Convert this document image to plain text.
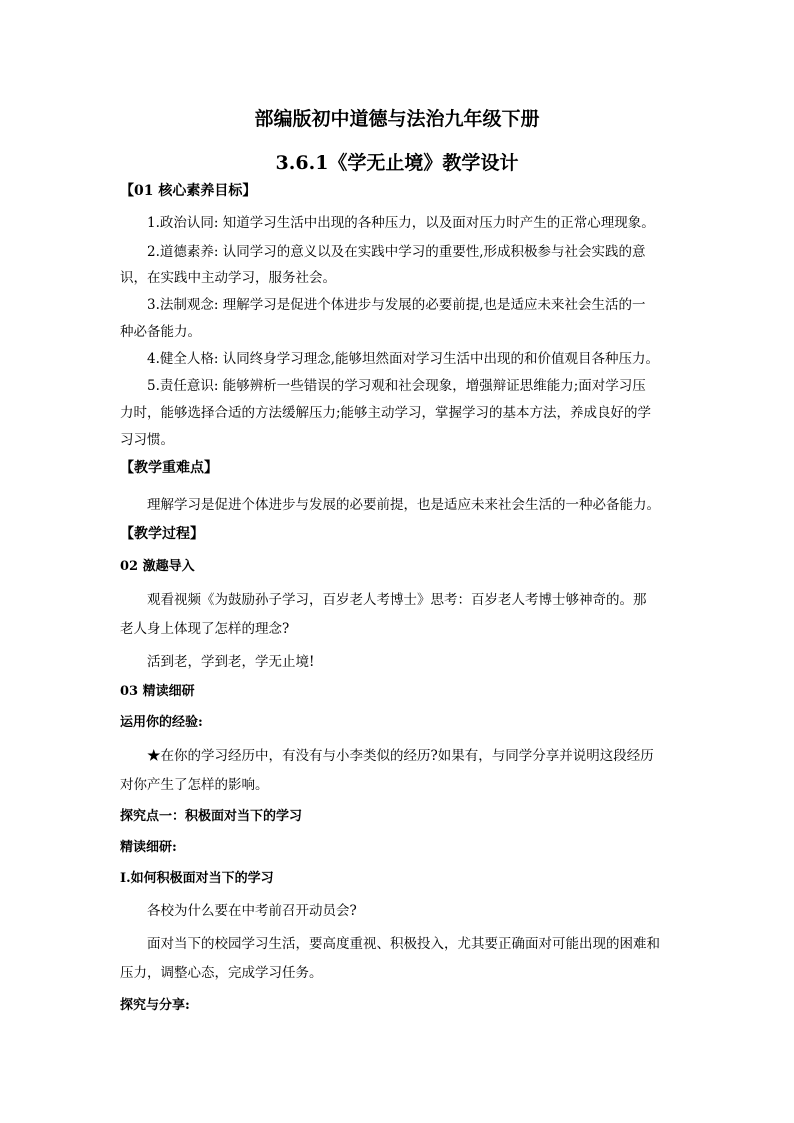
部编版初中道德与法治九年级下册
3.6.1《学无止境》教学设计
【01 核心素养目标】
1.政治认同: 知道学习生活中出现的各种压力，以及面对压力时产生的正常心理现象。
2.道德素养: 认同学习的意义以及在实践中学习的重要性,形成积极参与社会实践的意
识，在实践中主动学习，服务社会。
3.法制观念: 理解学习是促进个体进步与发展的必要前提,也是适应未来社会生活的一
种必备能力。
4.健全人格: 认同终身学习理念,能够坦然面对学习生活中出现的和价值观目各种压力。
5.责任意识: 能够辨析一些错误的学习观和社会现象，增强辩证思维能力;面对学习压
力时，能够选择合适的方法缓解压力;能够主动学习，掌握学习的基本方法，养成良好的学
习习惯。
【教学重难点】
理解学习是促进个体进步与发展的必要前提，也是适应未来社会生活的一种必备能力。
【教学过程】
02 激趣导入
观看视频《为鼓励孙子学习，百岁老人考博士》思考：百岁老人考博士够神奇的。那
老人身上体现了怎样的理念?
活到老，学到老，学无止境!
03 精读细研
运用你的经验:
★在你的学习经历中，有没有与小李类似的经历?如果有，与同学分享并说明这段经历
对你产生了怎样的影响。
探究点一：积极面对当下的学习
精读细研:
Ⅰ.如何积极面对当下的学习
各校为什么要在中考前召开动员会?
面对当下的校园学习生活，要高度重视、积极投入，尤其要正确面对可能出现的困难和
压力，调整心态，完成学习任务。
探究与分享:
